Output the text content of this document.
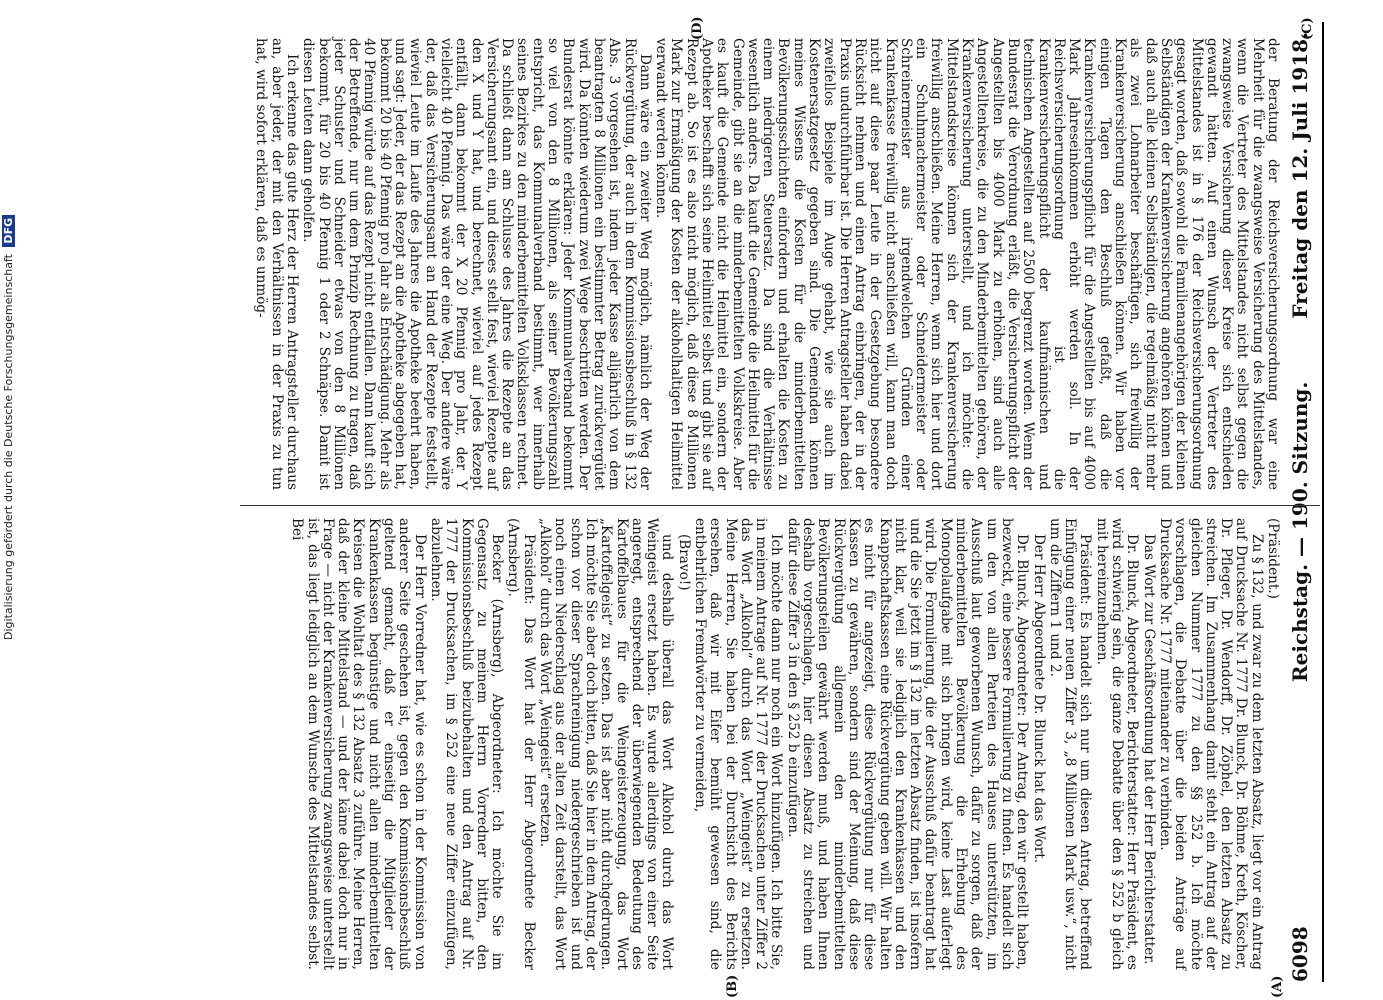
6098
Reichstag. — 190. Sitzung.
Freitag den 12. Juli 1918.
(A)
(B)
(C)
(D)

(Präsident.)

Zu § 132, und zwar zu dem letzten Absatz, liegt vor ein Antrag auf Drucksache Nr. 1777 Dr. Blunck, Dr. Böhme, Kreth, Köscher, Dr. Pfleger, Dr. Wendorff, Dr. Zöphel, den letzten Absatz zu streichen. Im Zusammenhang damit steht ein Antrag auf der gleichen Nummer 1777 zu den §§ 252 b. Ich möchte vorschlagen, die Debatte über die beiden Anträge auf Drucksache Nr. 1777 miteinander zu verbinden.

Das Wort zur Geschäftsordnung hat der Herr Berichterstatter.

Dr. Blunck, Abgeordneter, Berichterstatter: Herr Präsident, es wird schwierig sein, die ganze Debatte über den § 252 b gleich mit hereinzunehmen.

Präsident: Es handelt sich nur um diesen Antrag, betreffend Einfügung einer neuen Ziffer 3, „8 Millionen Mark usw.“, nicht um die Ziffern 1 und 2.

Der Herr Abgeordnete Dr. Blunck hat das Wort.

Dr. Blunck, Abgeordneter: Der Antrag, den wir gestellt haben, bezweckt, eine bessere Formulierung zu finden. Es handelt sich um den von allen Parteien des Hauses unterstützten, im Ausschuß laut geworbenen Wunsch, dafür zu sorgen, daß der minderbemittelten Bevölkerung die Erhebung des Monopolaufgabe mit sich bringen wird, keine Last auferlegt wird. Die Formulierung, die der Ausschuß dafür beantragt hat und die Sie jetzt im § 132 im letzten Absatz finden, ist insofern nicht klar, weil sie lediglich den Krankenkassen und den Knappschaftskassen eine Rückvergütung geben will. Wir halten es nicht für angezeigt, diese Rückvergütung nur für diese Kassen zu gewähren, sondern sind der Meinung, daß diese Rückvergütung allgemein den minderbemittelten Bevölkerungsteilen gewährt werden muß, und haben Ihnen deshalb vorgeschlagen, hier diesen Absatz zu streichen und dafür diese Ziffer 3 in den § 252 b einzufügen.

Ich möchte dann nur noch ein Wort hinzufügen. Ich bitte Sie, in meinem Antrage auf Nr. 1777 der Drucksachen unter Ziffer 2 das Wort „Alkohol“ durch das Wort „Weingeist“ zu ersetzen. Meine Herren, Sie haben bei der Durchsicht des Berichts ersehen, daß wir mit Eifer bemüht gewesen sind, die entbehrlichen Fremdwörter zu vermeiden,

(Bravo!)

und deshalb überall das Wort Alkohol durch das Wort Weingeist ersetzt haben. Es wurde allerdings von einer Seite angeregt, entsprechend der überwiegenden Bedeutung des Kartoffelbaues für die Weingeisterzeugung, das Wort „Kartoffelgeist“ zu setzen. Das ist aber nicht durchgedrungen. Ich möchte Sie aber doch bitten, daß Sie hier in dem Antrag, der schon vor dieser Sprachreinigung niedergeschrieben ist und noch einen Niederschlag aus der alten Zeit darstellt, das Wort „Alkohol“ durch das Wort „Weingeist“ ersetzen.

Präsident: Das Wort hat der Herr Abgeordnete Becker (Arnsberg).

Becker (Arnsberg), Abgeordneter: Ich möchte Sie im Gegensatz zu meinem Herrn Vorredner bitten, den Kommissionsbeschluß beizubehalten und den Antrag auf Nr. 1777 der Drucksachen, im § 252 eine neue Ziffer einzufügen, abzulehnen.

Der Herr Vorredner hat, wie es schon in der Kommission von anderer Seite geschehen ist, gegen den Kommissionsbeschluß geltend gemacht, daß er einseitig die Mitglieder der Krankenkassen begünstige und nicht allen minderbemittelten Kreisen die Wohltat des § 132 Absatz 3 zuführe. Meine Herren, daß der kleine Mittelstand — und der käme dabei doch nur in Frage — nicht der Krankenversicherung zwangsweise unterstellt ist, das liegt lediglich an dem Wunsche des Mittelstandes selbst. Bei

der Beratung der Reichsversicherungsordnung war eine Mehrheit für die zwangsweise Versicherung des Mittelstandes, wenn die Vertreter des Mittelstandes nicht selbst gegen die zwangsweise Versicherung dieser Kreise sich entschieden gewandt hätten. Auf einen Wunsch der Vertreter des Mittelstandes ist in § 176 der Reichsversicherungsordnung gesagt worden, daß sowohl die Familienangehörigen der kleinen Selbständigen der Krankenversicherung angehören können und daß auch alle kleinen Selbständigen, die regelmäßig nicht mehr als zwei Lohnarbeiter beschäftigen, sich freiwillig der Krankenversicherung anschließen können. Wir haben vor einigen Tagen den Beschluß gefaßt, daß die Krankenversicherungspflicht für die Angestellten bis auf 4000 Mark Jahreseinkommen erhöht werden soll. In der Reichsversicherungsordnung ist die Krankenversicherungspflicht der kaufmännischen und technischen Angestellten auf 2500 begrenzt worden. Wenn der Bundesrat die Verordnung erläßt, die Versicherungspflicht der Angestellten bis 4000 Mark zu erhöhen, sind auch alle Angestelltenkreise, die zu den Minderbemittelten gehören, der Krankenversicherung unterstellt, und ich möchte: die Mittelstandskreise können sich der Krankenversicherung freiwillig anschließen. Meine Herren, wenn sich hier und dort ein Schuhmachermeister oder Schneidermeister oder Schreinermeister aus irgendwelchen Gründen einer Krankenkasse freiwillig nicht anschließen will, kann man doch nicht auf diese paar Leute in der Gesetzgebung besondere Rücksicht nehmen und einen Antrag einbringen, der in der Praxis undurchführbar ist. Die Herren Antragsteller haben dabei zweifellos Beispiele im Auge gehabt, wie sie auch im Kostenersatzgesetz gegeben sind. Die Gemeinden können meines Wissens die Kosten für die minderbemittelten Bevölkerungsschichten einfordern und erhalten die Kosten zu einem niedrigeren Steuersatz. Da sind die Verhältnisse wesentlich anders. Da kauft die Gemeinde die Heilmittel für die Gemeinde, gibt sie an die minderbemittelten Volkskreise. Aber es kauft die Gemeinde nicht die Heilmittel ein, sondern der Apotheker beschafft sich seine Heilmittel selbst und gibt sie auf Rezept ab. So ist es also nicht möglich, daß diese 8 Millionen Mark zur Ermäßigung der Kosten der alkoholhaltigen Heilmittel verwandt werden können.

Dann wäre ein zweiter Weg möglich, nämlich der Weg der Rückvergütung, der auch in dem Kommissionsbeschluß in § 132 Abs. 3 vorgesehen ist, indem jeder Kasse alljährlich von dem beantragten 8 Millionen ein bestimmter Betrag zurückvergütet wird. Da könnten wiederum zwei Wege beschritten werden. Der Bundesrat könnte erklären: Jeder Kommunalverband bekommt so viel von den 8 Millionen, als seiner Bevölkerungszahl entspricht, das Kommunalverband bestimmt, wer innerhalb seines Bezirkes zu den minderbemittelten Volksklassen rechnet. Da schließt dann am Schlusse des Jahres die Rezepte an das Versicherungsamt ein, und dieses stellt fest, wieviel Rezepte auf den X und Y hat, und berechnet, wieviel auf jedes Rezept entfällt, dann bekommt der X 20 Pfennig pro Jahr, der Y vielleicht 40 Pfennig. Das wäre der eine Weg. Der andere wäre der, daß das Versicherungsamt an Hand der Rezepte feststellt, wieviel Leute im Laufe des Jahres die Apotheke beehrt haben, und sagt: Jeder, der das Rezept an die Apotheke abgegeben hat, bekommt 20 bis 40 Pfennig pro Jahr als Entschädigung. Mehr als 40 Pfennig würde auf das Rezept nicht entfallen. Dann kauft sich der Betreffende, nur um dem Prinzip Rechnung zu tragen, daß jeder Schuster und Schneider etwas von den 8 Millionen bekommt, für 20 bis 40 Pfennig 1 oder 2 Schnäpse. Damit ist diesen Leuten dann geholfen.

Ich erkenne das gute Herz der Herren Antragsteller durchaus an, aber jeder, der mit den Verhältnissen in der Praxis zu tun hat, wird sofort erklären, daß es unmög-

Digitalisierung gefördert durch die Deutsche Forschungsgemeinschaft DFG
